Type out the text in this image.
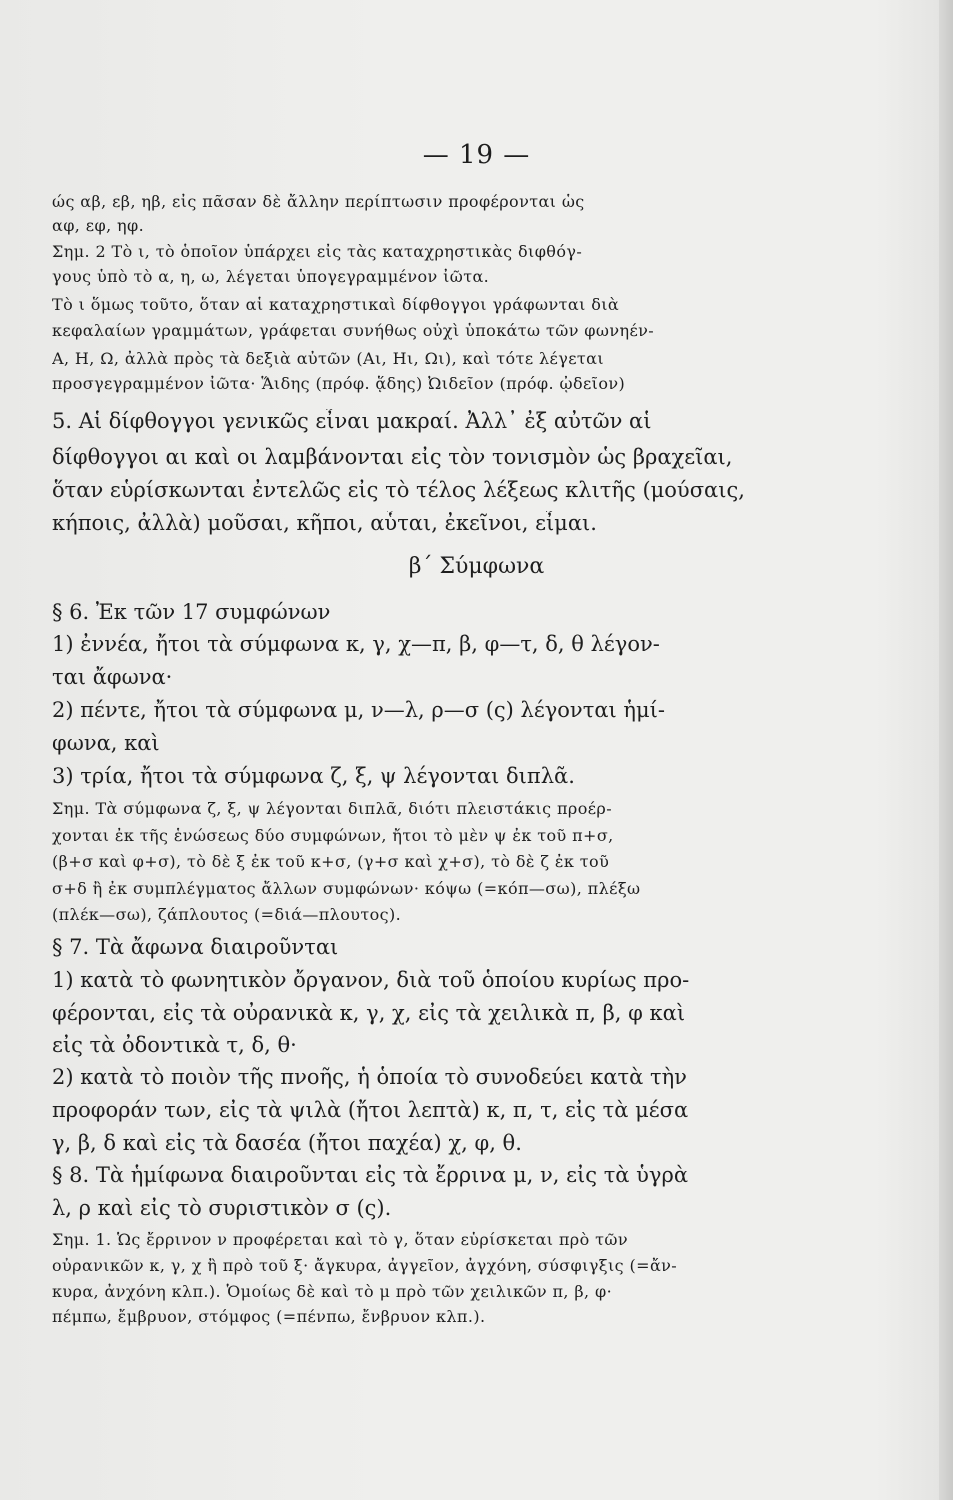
— 19 —
ώς αβ, εβ, ηβ, εἰς πᾶσαν δὲ ἄλλην περίπτωσιν προφέρονται ὡς
αφ, εφ, ηφ.
Σημ. 2 Τὸ ι, τὸ ὁποῖον ὑπάρχει εἰς τὰς καταχρηστικὰς διφθόγ-
γους ὑπὸ τὸ α, η, ω, λέγεται ὑπογεγραμμένον ἰῶτα.
Τὸ ι ὅμως τοῦτο, ὅταν αἱ καταχρηστικαὶ δίφθογγοι γράφωνται διὰ
κεφαλαίων γραμμάτων, γράφεται συνήθως οὐχὶ ὑποκάτω τῶν φωνηέν-
Α, Η, Ω, ἀλλὰ πρὸς τὰ δεξιὰ αὐτῶν (Αι, Ηι, Ωι), καὶ τότε λέγεται
προσγεγραμμένον ἰῶτα· Ἅιδης (πρόφ. ᾅδης) Ὠιδεῖον (πρόφ. ᾠδεῖον)
5. Αἱ δίφθογγοι γενικῶς εἶναι μακραί. Ἀλλ᾽ ἐξ αὐτῶν αἱ
δίφθογγοι αι καὶ οι λαμβάνονται εἰς τὸν τονισμὸν ὡς βραχεῖαι,
ὅταν εὑρίσκωνται ἐντελῶς εἰς τὸ τέλος λέξεως κλιτῆς (μούσαις,
κήποις, ἀλλὰ) μοῦσαι, κῆποι, αὗται, ἐκεῖνοι, εἶμαι.
β΄ Σύμφωνα
§ 6. Ἐκ τῶν 17 συμφώνων
1) ἐννέα, ἤτοι τὰ σύμφωνα κ, γ, χ—π, β, φ—τ, δ, θ λέγον-
ται ἄφωνα·
2) πέντε, ἤτοι τὰ σύμφωνα μ, ν—λ, ρ—σ (ς) λέγονται ἡμί-
φωνα, καὶ
3) τρία, ἤτοι τὰ σύμφωνα ζ, ξ, ψ λέγονται διπλᾶ.
Σημ. Τὰ σύμφωνα ζ, ξ, ψ λέγονται διπλᾶ, διότι πλειστάκις προέρ-
χονται ἐκ τῆς ἑνώσεως δύο συμφώνων, ἤτοι τὸ μὲν ψ ἐκ τοῦ π+σ,
(β+σ καὶ φ+σ), τὸ δὲ ξ ἐκ τοῦ κ+σ, (γ+σ καὶ χ+σ), τὸ δὲ ζ ἐκ τοῦ
σ+δ ἢ ἐκ συμπλέγματος ἄλλων συμφώνων· κόψω (=κόπ—σω), πλέξω
(πλέκ—σω), ζάπλουτος (=διά—πλουτος).
§ 7. Τὰ ἄφωνα διαιροῦνται
1) κατὰ τὸ φωνητικὸν ὄργανον, διὰ τοῦ ὁποίου κυρίως προ-
φέρονται, εἰς τὰ οὐρανικὰ κ, γ, χ, εἰς τὰ χειλικὰ π, β, φ καὶ
εἰς τὰ ὀδοντικὰ τ, δ, θ·
2) κατὰ τὸ ποιὸν τῆς πνοῆς, ἡ ὁποία τὸ συνοδεύει κατὰ τὴν
προφοράν των, εἰς τὰ ψιλὰ (ἤτοι λεπτὰ) κ, π, τ, εἰς τὰ μέσα
γ, β, δ καὶ εἰς τὰ δασέα (ἤτοι παχέα) χ, φ, θ.
§ 8. Τὰ ἡμίφωνα διαιροῦνται εἰς τὰ ἔρρινα μ, ν, εἰς τὰ ὑγρὰ
λ, ρ καὶ εἰς τὸ συριστικὸν σ (ς).
Σημ. 1. Ὡς ἔρρινον ν προφέρεται καὶ τὸ γ, ὅταν εὑρίσκεται πρὸ τῶν
οὐρανικῶν κ, γ, χ ἢ πρὸ τοῦ ξ· ἄγκυρα, ἀγγεῖον, ἀγχόνη, σύσφιγξις (=ἄν-
κυρα, ἀνχόνη κλπ.). Ὁμοίως δὲ καὶ τὸ μ πρὸ τῶν χειλικῶν π, β, φ·
πέμπω, ἔμβρυον, στόμφος (=πένπω, ἔνβρυον κλπ.).
